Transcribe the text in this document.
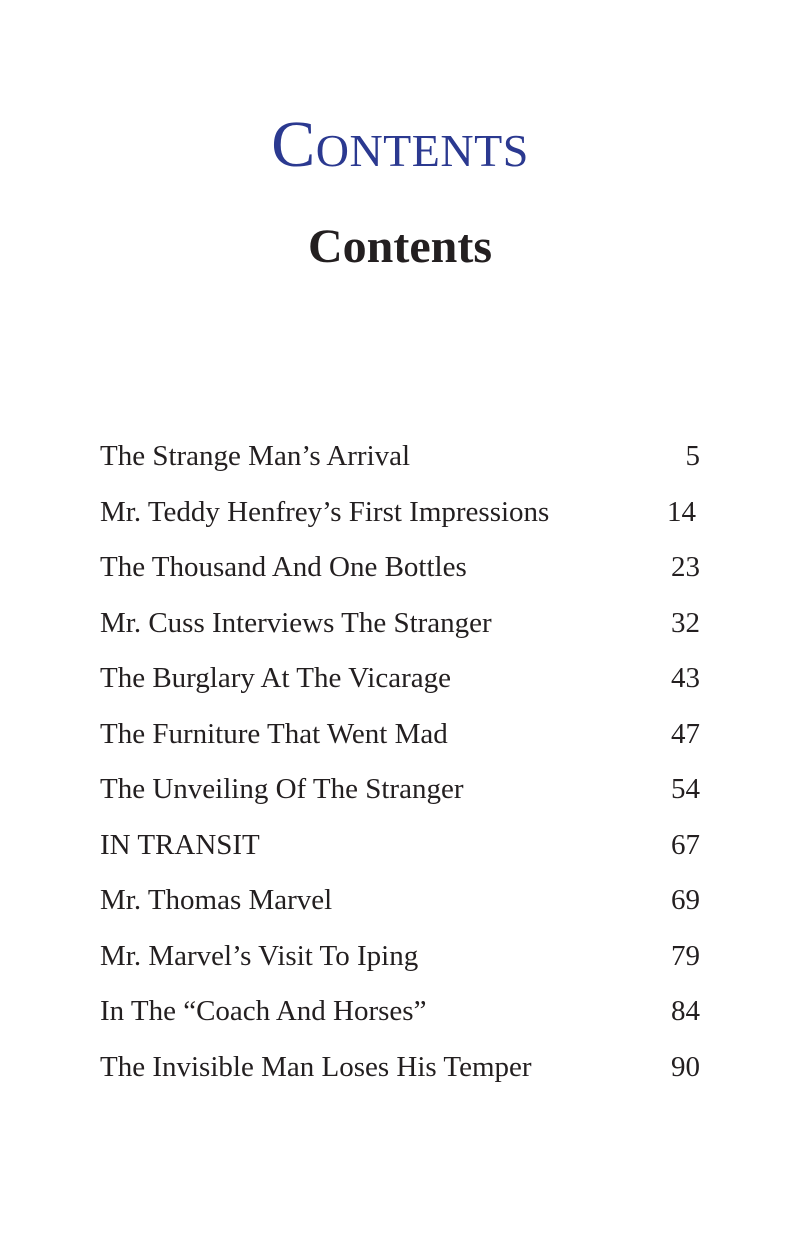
Contents
Contents
The Strange Man’s Arrival	5
Mr. Teddy Henfrey’s First Impressions	14
The Thousand And One Bottles	23
Mr. Cuss Interviews The Stranger	32
The Burglary At The Vicarage	43
The Furniture That Went Mad	47
The Unveiling Of The Stranger	54
IN TRANSIT	67
Mr. Thomas Marvel	69
Mr. Marvel’s Visit To Iping	79
In The “Coach And Horses”	84
The Invisible Man Loses His Temper	90
